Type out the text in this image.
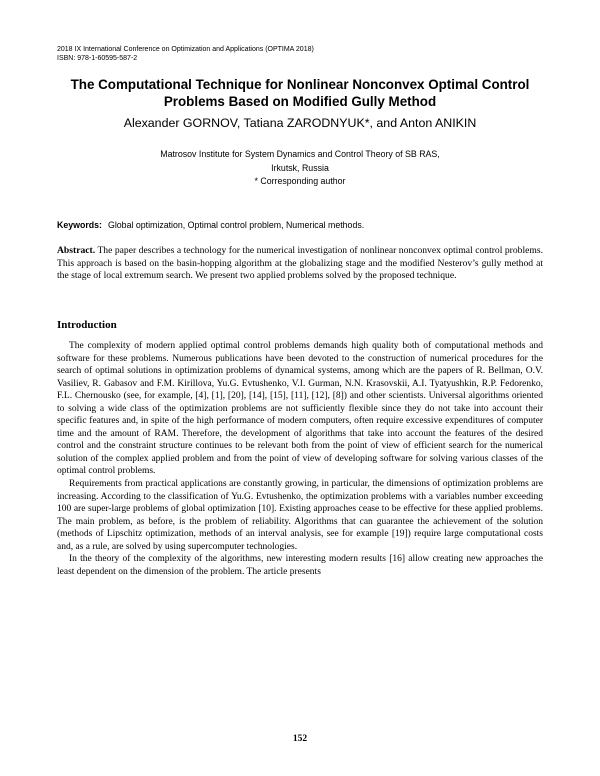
2018 IX International Conference on Optimization and Applications (OPTIMA 2018)
ISBN: 978-1-60595-587-2
The Computational Technique for Nonlinear Nonconvex Optimal Control Problems Based on Modified Gully Method
Alexander GORNOV, Tatiana ZARODNYUK*, and Anton ANIKIN
Matrosov Institute for System Dynamics and Control Theory of SB RAS,
Irkutsk, Russia
* Corresponding author
Keywords: Global optimization, Optimal control problem, Numerical methods.
Abstract. The paper describes a technology for the numerical investigation of nonlinear nonconvex optimal control problems. This approach is based on the basin-hopping algorithm at the globalizing stage and the modified Nesterov’s gully method at the stage of local extremum search. We present two applied problems solved by the proposed technique.
Introduction

The complexity of modern applied optimal control problems demands high quality both of computational methods and software for these problems. Numerous publications have been devoted to the construction of numerical procedures for the search of optimal solutions in optimization problems of dynamical systems, among which are the papers of R. Bellman, O.V. Vasiliev, R. Gabasov and F.M. Kirillova, Yu.G. Evtushenko, V.I. Gurman, N.N. Krasovskii, A.I. Tyatyushkin, R.P. Fedorenko, F.L. Chernousko (see, for example, [4], [1], [20], [14], [15], [11], [12], [8]) and other scientists. Universal algorithms oriented to solving a wide class of the optimization problems are not sufficiently flexible since they do not take into account their specific features and, in spite of the high performance of modern computers, often require excessive expenditures of computer time and the amount of RAM. Therefore, the development of algorithms that take into account the features of the desired control and the constraint structure continues to be relevant both from the point of view of efficient search for the numerical solution of the complex applied problem and from the point of view of developing software for solving various classes of the optimal control problems.

Requirements from practical applications are constantly growing, in particular, the dimensions of optimization problems are increasing. According to the classification of Yu.G. Evtushenko, the optimization problems with a variables number exceeding 100 are super-large problems of global optimization [10]. Existing approaches cease to be effective for these applied problems. The main problem, as before, is the problem of reliability. Algorithms that can guarantee the achievement of the solution (methods of Lipschitz optimization, methods of an interval analysis, see for example [19]) require large computational costs and, as a rule, are solved by using supercomputer technologies.

In the theory of the complexity of the algorithms, new interesting modern results [16] allow creating new approaches the least dependent on the dimension of the problem. The article presents

152
